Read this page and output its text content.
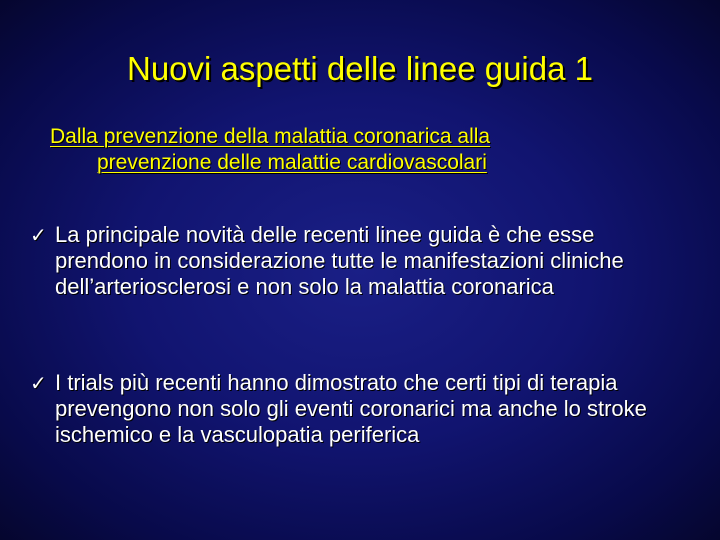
Nuovi aspetti delle linee guida 1
Dalla prevenzione della malattia coronarica alla
prevenzione delle malattie cardiovascolari
✓ La principale novità delle recenti linee guida è che esse prendono in considerazione tutte le manifestazioni cliniche dell’arteriosclerosi e non solo la malattia coronarica
✓ I trials più recenti hanno dimostrato che certi tipi di terapia prevengono non solo gli eventi coronarici ma anche lo stroke ischemico e la vasculopatia periferica
